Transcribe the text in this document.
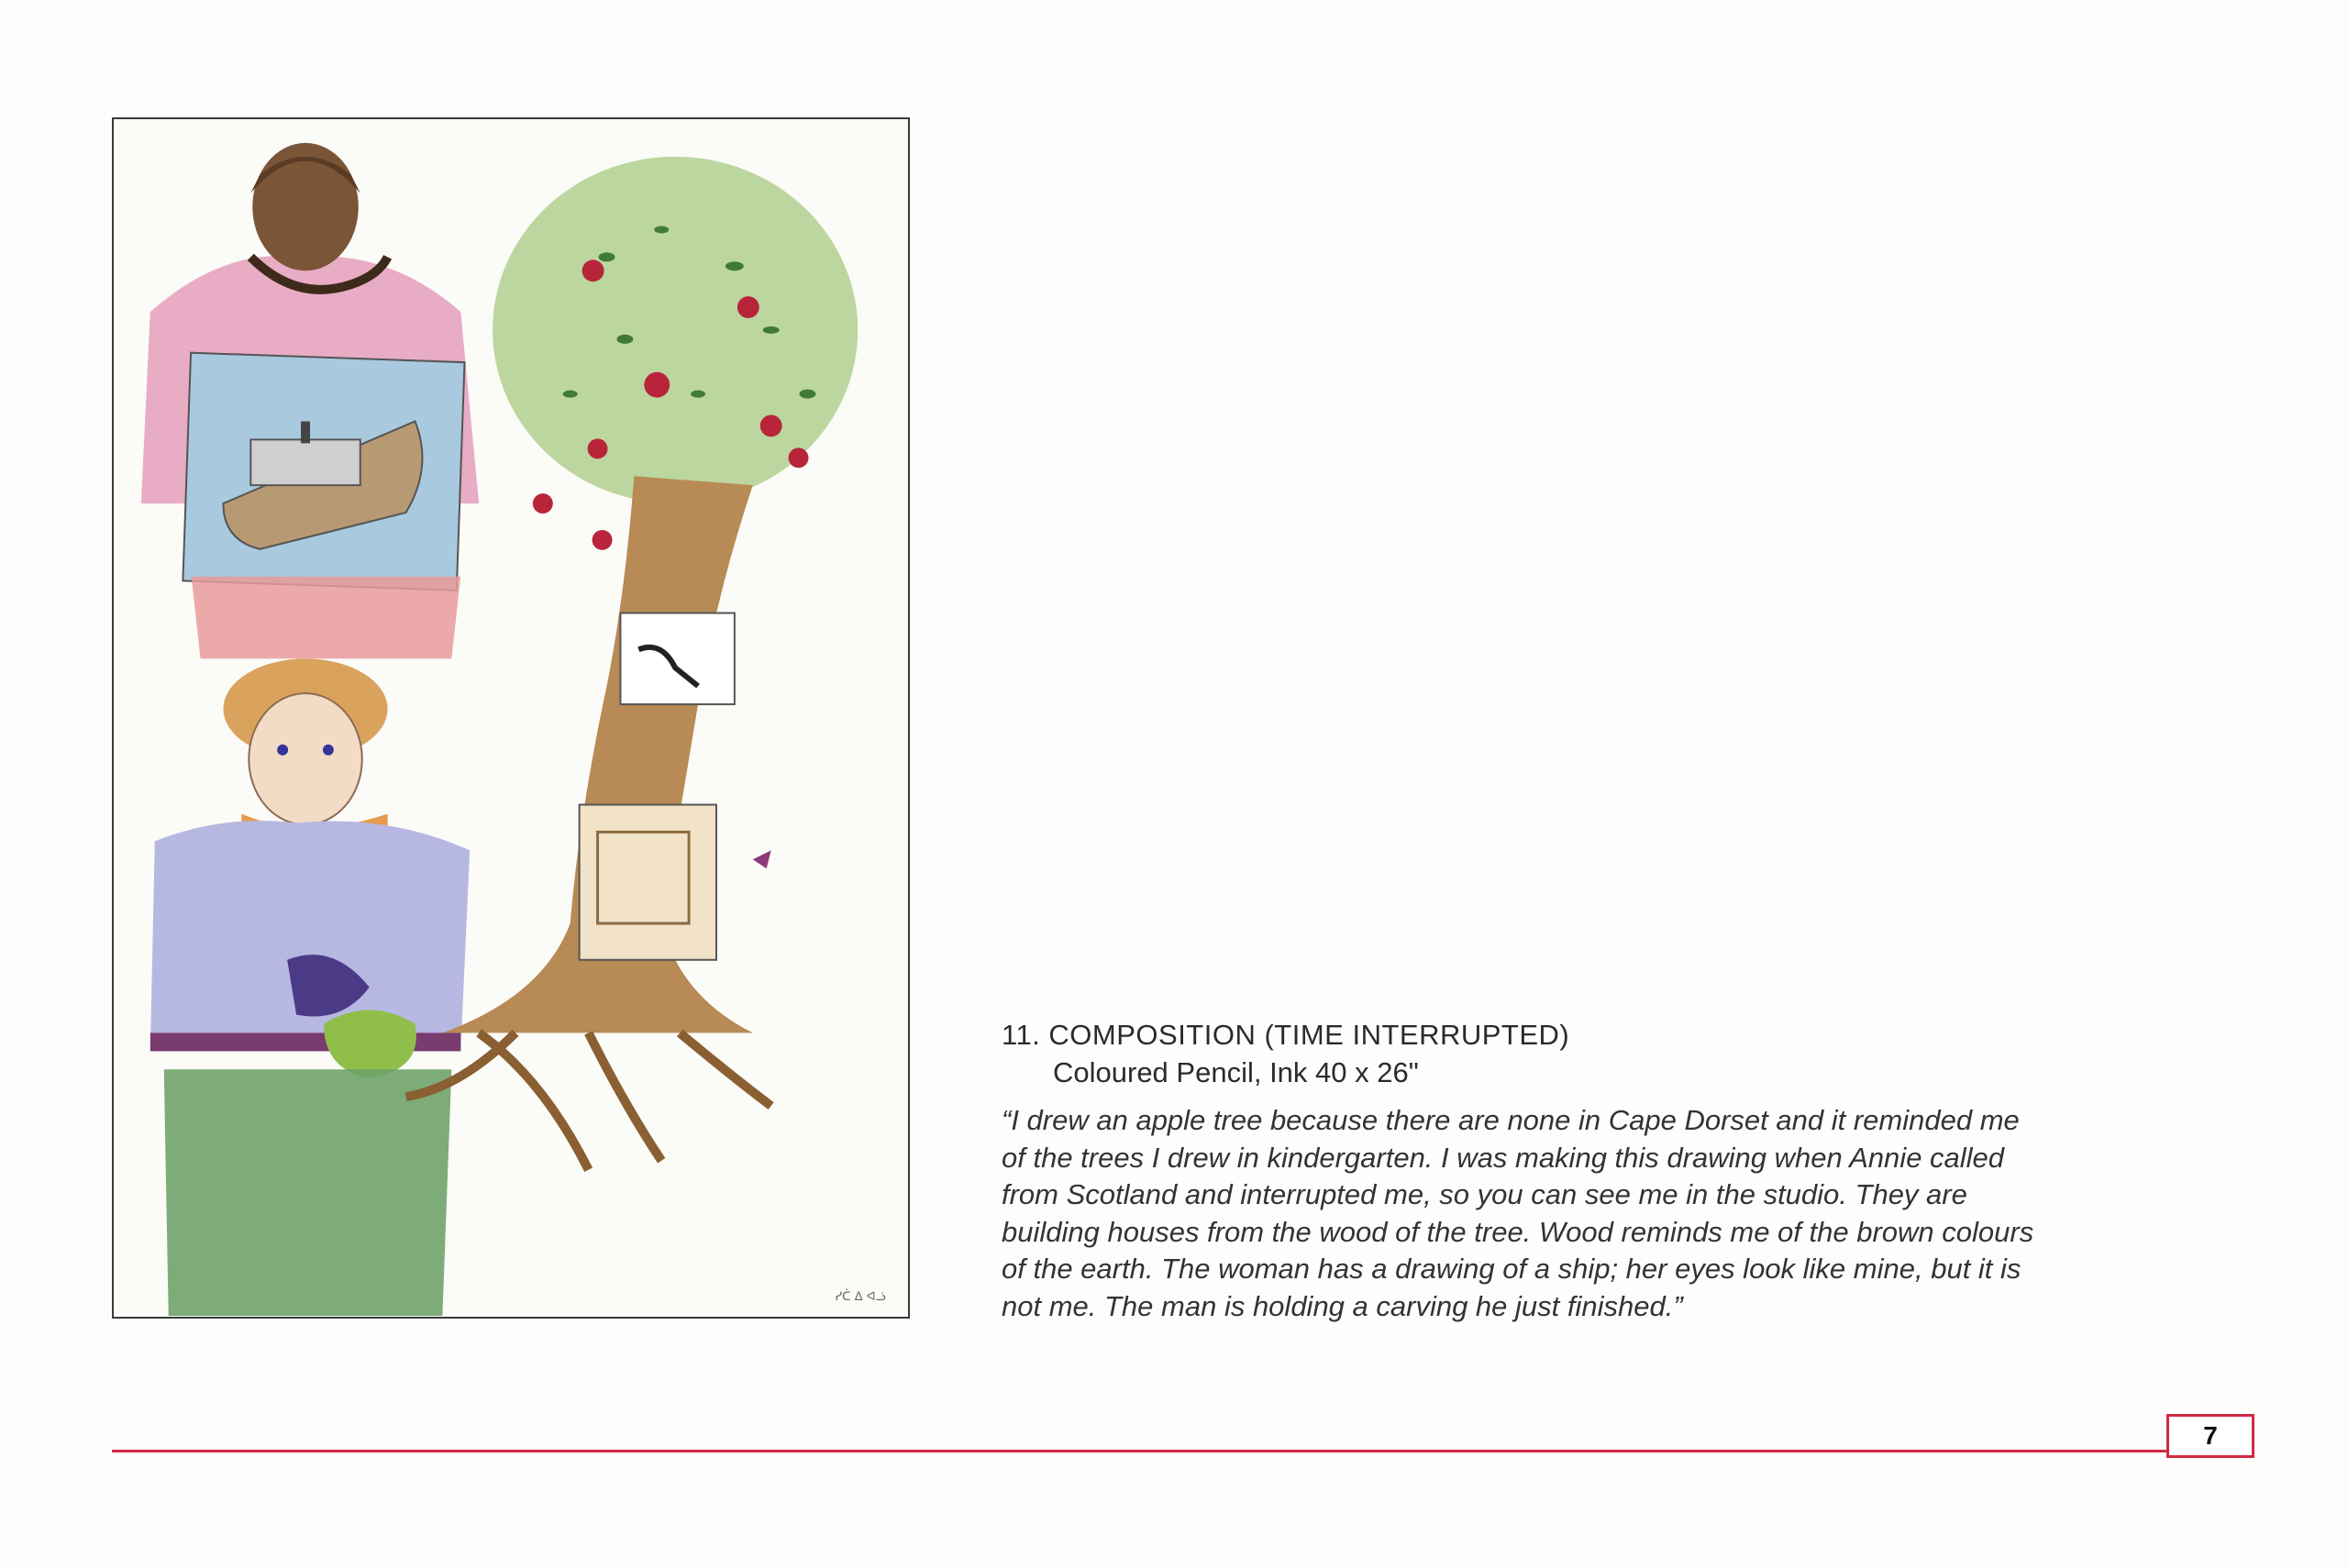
ᓯᑖ ᐃ ᐊᓘ
11. COMPOSITION (TIME INTERRUPTED)
Coloured Pencil, Ink 40 x 26"
“I drew an apple tree because there are none in Cape Dorset and it reminded me
of the trees I drew in kindergarten. I was making this drawing when Annie called
from Scotland and interrupted me, so you can see me in the studio. They are
building houses from the wood of the tree. Wood reminds me of the brown colours
of the earth. The woman has a drawing of a ship; her eyes look like mine, but it is
not me. The man is holding a carving he just finished.”
7
